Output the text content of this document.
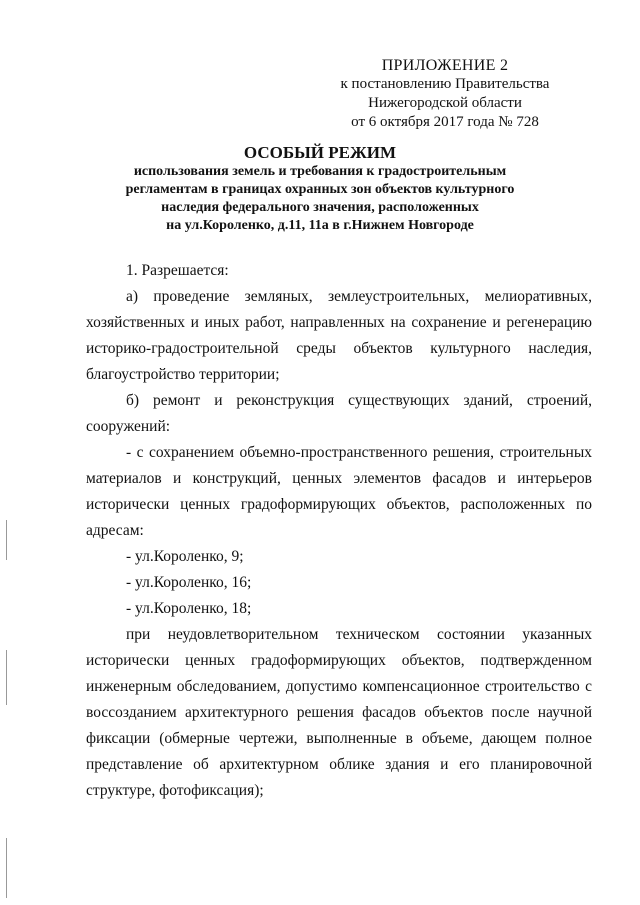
ПРИЛОЖЕНИЕ 2
к постановлению Правительства
Нижегородской области
от 6 октября 2017 года № 728
ОСОБЫЙ РЕЖИМ
использования земель и требования к градостроительным
регламентам в границах охранных зон объектов культурного
наследия федерального значения, расположенных
на ул.Короленко, д.11, 11а в г.Нижнем Новгороде

1. Разрешается:

а) проведение земляных, землеустроительных, мелиоративных,
хозяйственных и иных работ, направленных на сохранение и регенерацию
историко-градостроительной среды объектов культурного наследия,
благоустройство территории;

б) ремонт и реконструкция существующих зданий, строений,
сооружений:

- с сохранением объемно-пространственного решения, строительных
материалов и конструкций, ценных элементов фасадов и интерьеров
исторически ценных градоформирующих объектов, расположенных по
адресам:

- ул.Короленко, 9;
- ул.Короленко, 16;
- ул.Короленко, 18;

при неудовлетворительном техническом состоянии указанных
исторически ценных градоформирующих объектов, подтвержденном
инженерным обследованием, допустимо компенсационное строительство с
воссозданием архитектурного решения фасадов объектов после научной
фиксации (обмерные чертежи, выполненные в объеме, дающем полное
представление об архитектурном облике здания и его планировочной
структуре, фотофиксация);
